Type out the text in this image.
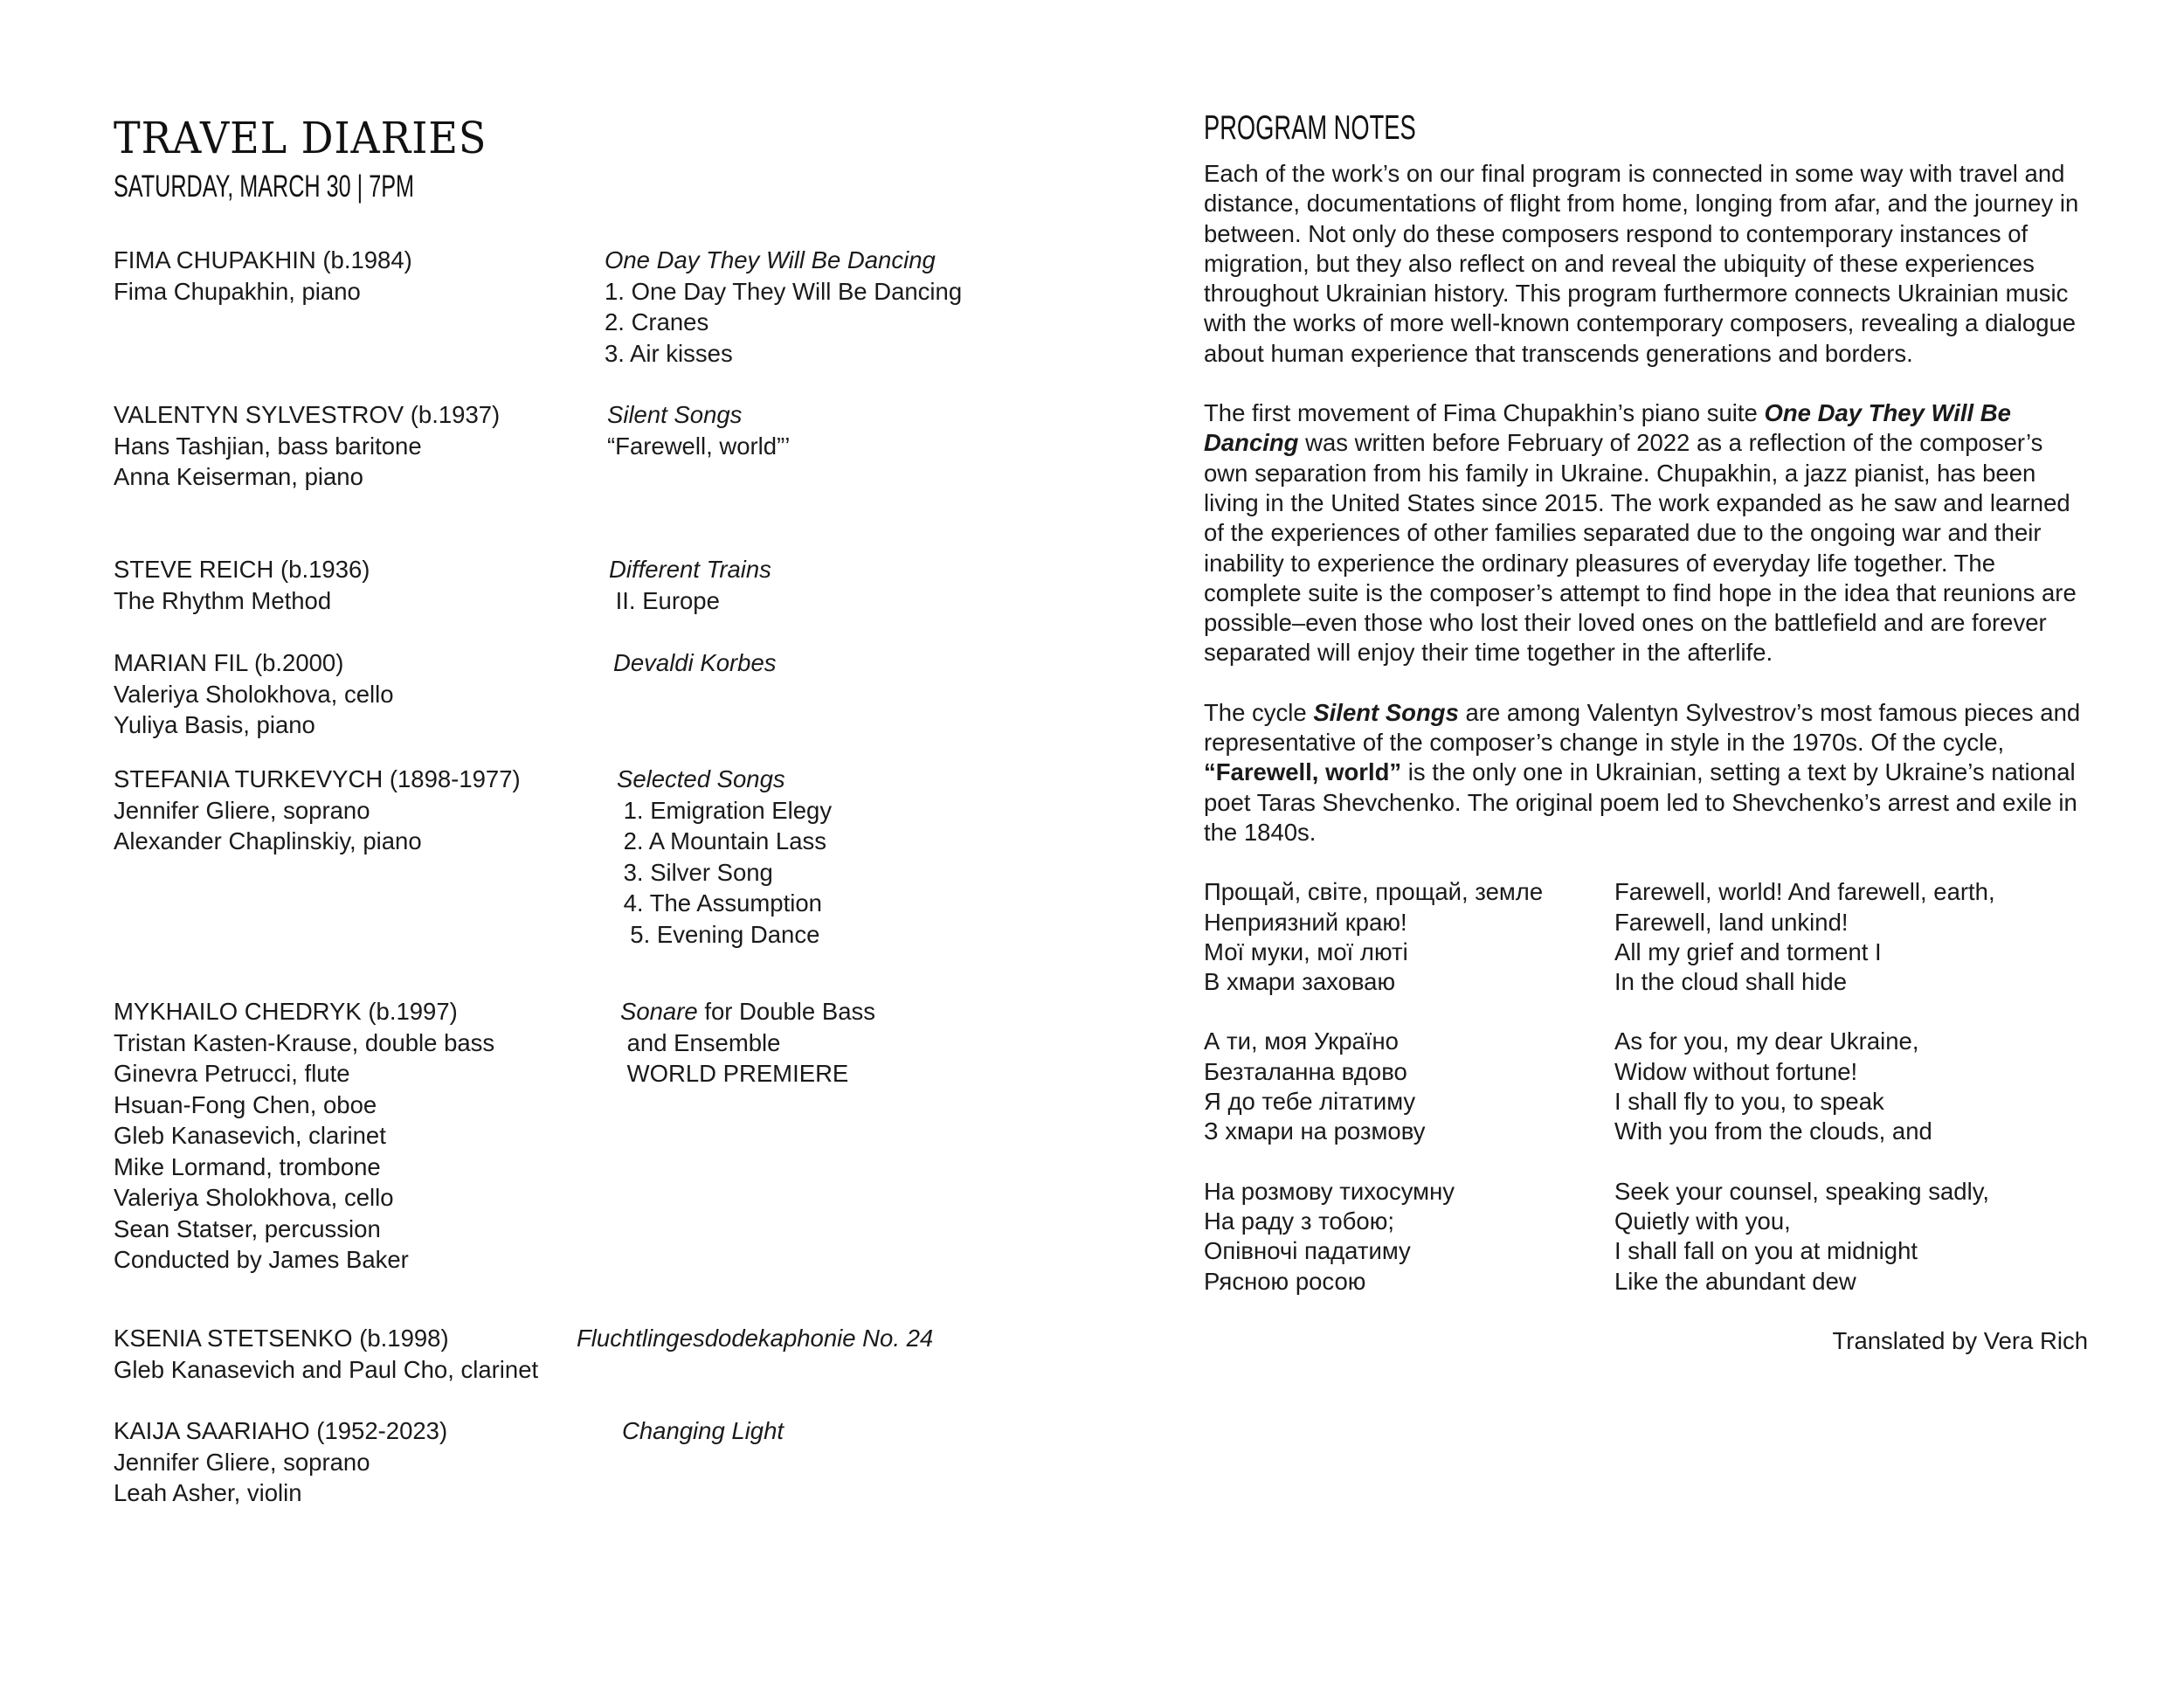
TRAVEL DIARIES
SATURDAY, MARCH 30 | 7PM
FIMA CHUPAKHIN (b.1984)
Fima Chupakhin, piano
One Day They Will Be Dancing
1. One Day They Will Be Dancing
2. Cranes
3. Air kisses
VALENTYN SYLVESTROV (b.1937)
Hans Tashjian, bass baritone
Anna Keiserman, piano
Silent Songs
“Farewell, world”’
STEVE REICH (b.1936)
The Rhythm Method
Different Trains
II. Europe
MARIAN FIL (b.2000)
Valeriya Sholokhova, cello
Yuliya Basis, piano
Devaldi Korbes
STEFANIA TURKEVYCH (1898-1977)
Jennifer Gliere, soprano
Alexander Chaplinskiy, piano
Selected Songs
1. Emigration Elegy
2. A Mountain Lass
3. Silver Song
4. The Assumption
5. Evening Dance
MYKHAILO CHEDRYK (b.1997)
Tristan Kasten-Krause, double bass
Ginevra Petrucci, flute
Hsuan-Fong Chen, oboe
Gleb Kanasevich, clarinet
Mike Lormand, trombone
Valeriya Sholokhova, cello
Sean Statser, percussion
Conducted by James Baker
Sonare for Double Bass
and Ensemble
WORLD PREMIERE
KSENIA STETSENKO (b.1998)
Gleb Kanasevich and Paul Cho, clarinet
Fluchtlingesdodekaphonie No. 24
KAIJA SAARIAHO (1952-2023)
Jennifer Gliere, soprano
Leah Asher, violin
Changing Light
PROGRAM NOTES

Each of the work’s on our final program is connected in some way with travel and distance, documentations of flight from home, longing from afar, and the journey in between. Not only do these composers respond to contemporary instances of migration, but they also reflect on and reveal the ubiquity of these experiences throughout Ukrainian history. This program furthermore connects Ukrainian music with the works of more well-known contemporary composers, revealing a dialogue about human experience that transcends generations and borders.

The first movement of Fima Chupakhin’s piano suite One Day They Will Be Dancing was written before February of 2022 as a reflection of the composer’s own separation from his family in Ukraine. Chupakhin, a jazz pianist, has been living in the United States since 2015. The work expanded as he saw and learned of the experiences of other families separated due to the ongoing war and their inability to experience the ordinary pleasures of everyday life together. The complete suite is the composer’s attempt to find hope in the idea that reunions are possible–even those who lost their loved ones on the battlefield and are forever separated will enjoy their time together in the afterlife.

The cycle Silent Songs are among Valentyn Sylvestrov’s most famous pieces and representative of the composer’s change in style in the 1970s. Of the cycle, “Farewell, world” is the only one in Ukrainian, setting a text by Ukraine’s national poet Taras Shevchenko. The original poem led to Shevchenko’s arrest and exile in the 1840s.

Прощай, світе, прощай, земле
Неприязний краю!
Мої муки, мої люті
В хмари заховаю
Farewell, world! And farewell, earth,
Farewell, land unkind!
All my grief and torment I
In the cloud shall hide
А ти, моя Україно
Безталанна вдово
Я до тебе літатиму
З хмари на розмову
As for you, my dear Ukraine,
Widow without fortune!
I shall fly to you, to speak
With you from the clouds, and
На розмову тихосумну
На раду з тобою;
Опівночі падатиму
Рясною росою
Seek your counsel, speaking sadly,
Quietly with you,
I shall fall on you at midnight
Like the abundant dew
Translated by Vera Rich
